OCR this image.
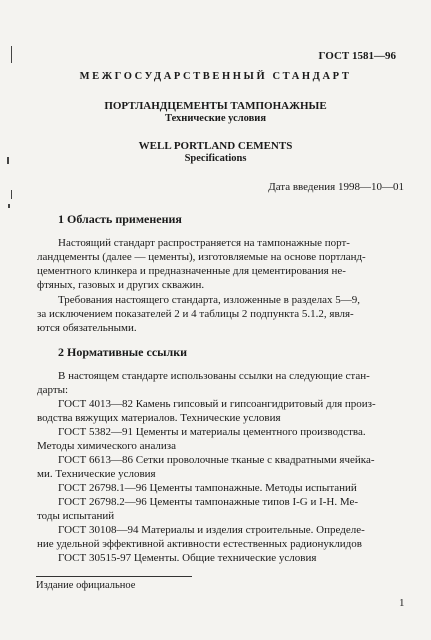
ГОСТ 1581—96
МЕЖГОСУДАРСТВЕННЫЙ СТАНДАРТ
ПОРТЛАНДЦЕМЕНТЫ ТАМПОНАЖНЫЕ
Технические условия
WELL PORTLAND CEMENTS
Specifications
Дата введения 1998—10—01
1 Область применения
Настоящий стандарт распространяется на тампонажные порт-
ландцементы (далее — цементы), изготовляемые на основе портланд-
цементного клинкера и предназначенные для цементирования не-
фтяных, газовых и других скважин.
Требования настоящего стандарта, изложенные в разделах 5—9,
за исключением показателей 2 и 4 таблицы 2 подпункта 5.1.2, явля-
ются обязательными.
2 Нормативные ссылки
В настоящем стандарте использованы ссылки на следующие стан-
дарты:
ГОСТ 4013—82 Камень гипсовый и гипсоангидритовый для произ-
водства вяжущих материалов. Технические условия
ГОСТ 5382—91 Цементы и материалы цементного производства.
Методы химического анализа
ГОСТ 6613—86 Сетки проволочные тканые с квадратными ячейка-
ми. Технические условия
ГОСТ 26798.1—96 Цементы тампонажные. Методы испытаний
ГОСТ 26798.2—96 Цементы тампонажные типов I-G и I-H. Ме-
тоды испытаний
ГОСТ 30108—94 Материалы и изделия строительные. Определе-
ние удельной эффективной активности естественных радионуклидов
ГОСТ 30515-97 Цементы. Общие технические условия
Издание официальное
1
